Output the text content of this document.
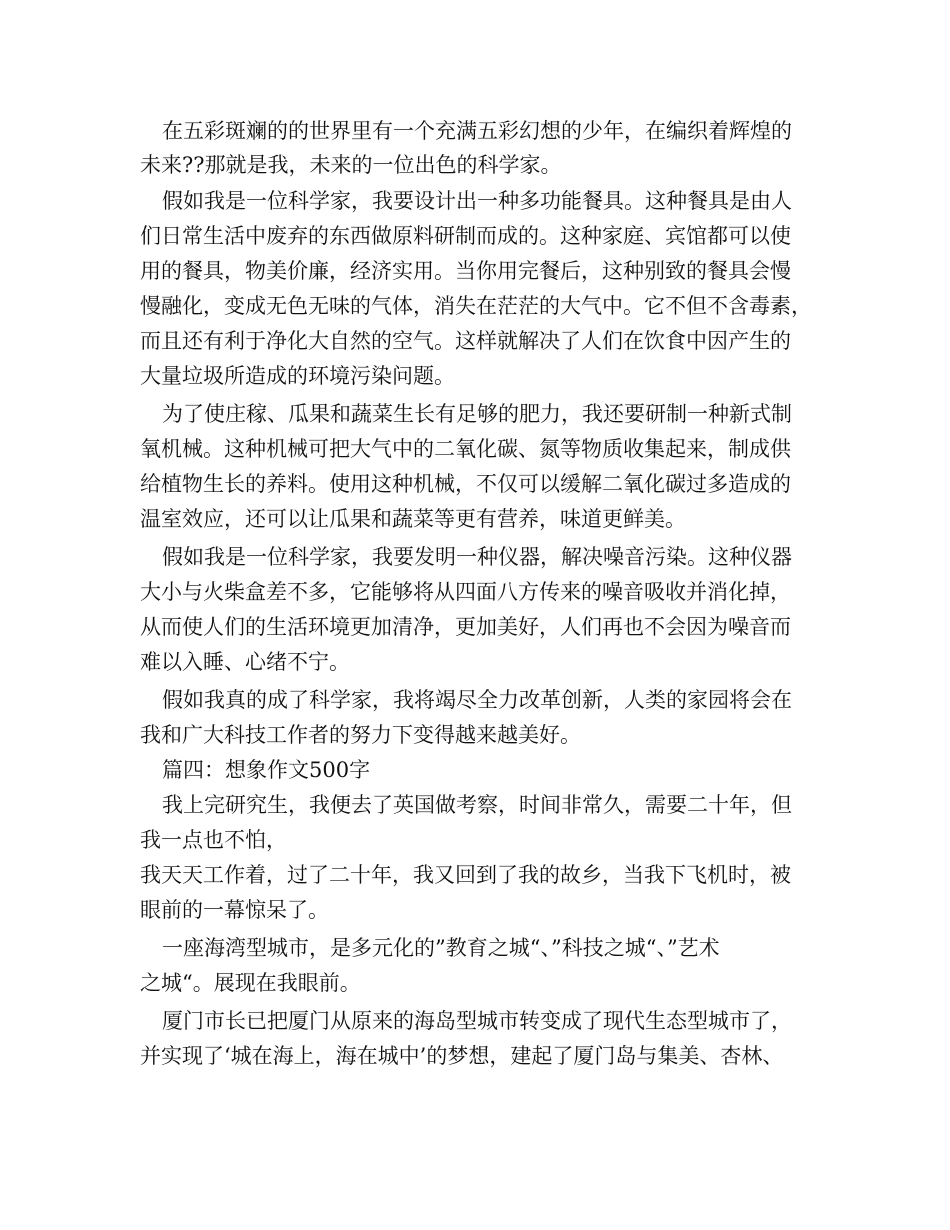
在五彩斑斓的的世界里有一个充满五彩幻想的少年，在编织着辉煌的
未来??那就是我，未来的一位出色的科学家。
假如我是一位科学家，我要设计出一种多功能餐具。这种餐具是由人
们日常生活中废弃的东西做原料研制而成的。这种家庭、宾馆都可以使
用的餐具，物美价廉，经济实用。当你用完餐后，这种别致的餐具会慢
慢融化，变成无色无味的气体，消失在茫茫的大气中。它不但不含毒素，
而且还有利于净化大自然的空气。这样就解决了人们在饮食中因产生的
大量垃圾所造成的环境污染问题。
为了使庄稼、瓜果和蔬菜生长有足够的肥力，我还要研制一种新式制
氧机械。这种机械可把大气中的二氧化碳、氮等物质收集起来，制成供
给植物生长的养料。使用这种机械，不仅可以缓解二氧化碳过多造成的
温室效应，还可以让瓜果和蔬菜等更有营养，味道更鲜美。
假如我是一位科学家，我要发明一种仪器，解决噪音污染。这种仪器
大小与火柴盒差不多，它能够将从四面八方传来的噪音吸收并消化掉，
从而使人们的生活环境更加清净，更加美好，人们再也不会因为噪音而
难以入睡、心绪不宁。
假如我真的成了科学家，我将竭尽全力改革创新，人类的家园将会在
我和广大科技工作者的努力下变得越来越美好。
篇四：想象作文500字
我上完研究生，我便去了英国做考察，时间非常久，需要二十年，但
我一点也不怕，
我天天工作着，过了二十年，我又回到了我的故乡，当我下飞机时，被
眼前的一幕惊呆了。
一座海湾型城市，是多元化的”教育之城“、”科技之城“、”艺术
之城“。展现在我眼前。
厦门市长已把厦门从原来的海岛型城市转变成了现代生态型城市了，
并实现了‘城在海上，海在城中’的梦想，建起了厦门岛与集美、杏林、
